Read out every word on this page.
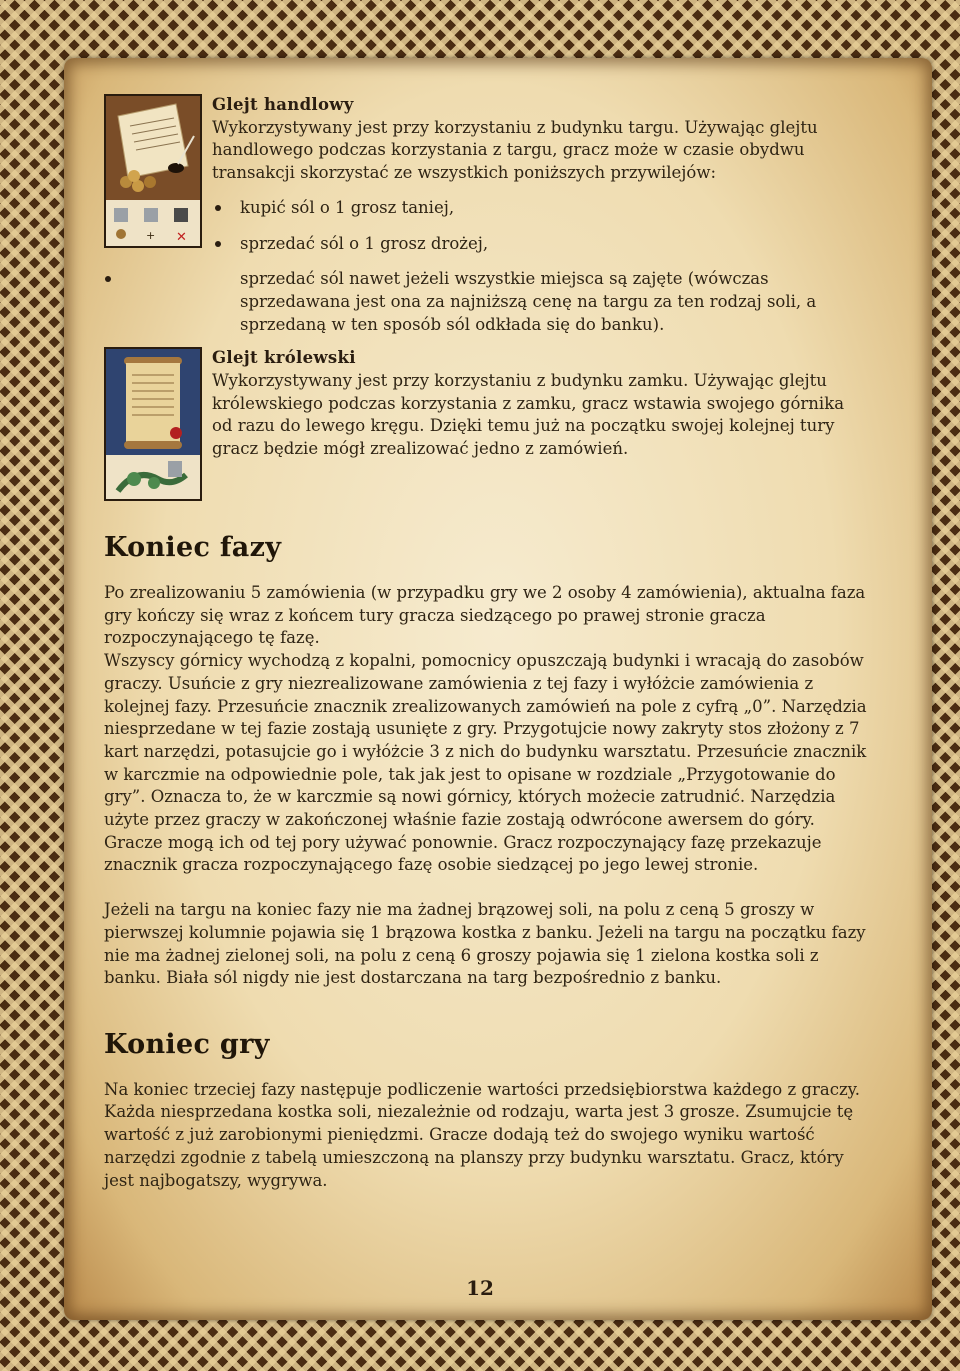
+ ✕
Glejt handlowy

Wykorzystywany jest przy korzystaniu z budynku targu. Używając glejtu handlowego podczas korzystania z targu, gracz może w czasie obydwu transakcji skorzystać ze wszystkich poniższych przywilejów:

kupić sól o 1 grosz taniej,
sprzedać sól o 1 grosz drożej,
sprzedać sól nawet jeżeli wszystkie miejsca są zajęte (wówczas sprzedawana jest ona za najniższą cenę na targu za ten rodzaj soli, a sprzedaną w ten sposób sól odkłada się do banku).
Glejt królewski

Wykorzystywany jest przy korzystaniu z budynku zamku. Używając glejtu królewskiego podczas korzystania z zamku, gracz wstawia swojego górnika od razu do lewego kręgu. Dzięki temu już na początku swojej kolejnej tury gracz będzie mógł zrealizować jedno z zamówień.

Koniec fazy

Po zrealizowaniu 5 zamówienia (w przypadku gry we 2 osoby 4 zamówienia), aktualna faza gry kończy się wraz z końcem tury gracza siedzącego po prawej stronie gracza rozpoczynającego tę fazę.

Wszyscy górnicy wychodzą z kopalni, pomocnicy opuszczają budynki i wracają do zasobów graczy. Usuńcie z gry niezrealizowane zamówienia z tej fazy i wyłóżcie zamówienia z kolejnej fazy. Przesuńcie znacznik zrealizowanych zamówień na pole z cyfrą „0”. Narzędzia niesprzedane w tej fazie zostają usunięte z gry. Przygotujcie nowy zakryty stos złożony z 7 kart narzędzi, potasujcie go i wyłóżcie 3 z nich do budynku warsztatu. Przesuńcie znacznik w karczmie na odpowiednie pole, tak jak jest to opisane w rozdziale „Przygotowanie do gry”. Oznacza to, że w karczmie są nowi górnicy, których możecie zatrudnić. Narzędzia użyte przez graczy w zakończonej właśnie fazie zostają odwrócone awersem do góry. Gracze mogą ich od tej pory używać ponownie. Gracz rozpoczynający fazę przekazuje znacznik gracza rozpoczynającego fazę osobie siedzącej po jego lewej stronie.

Jeżeli na targu na koniec fazy nie ma żadnej brązowej soli, na polu z ceną 5 groszy w pierwszej kolumnie pojawia się 1 brązowa kostka z banku. Jeżeli na targu na początku fazy nie ma żadnej zielonej soli, na polu z ceną 6 groszy pojawia się 1 zielona kostka soli z banku. Biała sól nigdy nie jest dostarczana na targ bezpośrednio z banku.

Koniec gry

Na koniec trzeciej fazy następuje podliczenie wartości przedsiębiorstwa każdego z graczy. Każda niesprzedana kostka soli, niezależnie od rodzaju, warta jest 3 grosze. Zsumujcie tę wartość z już zarobionymi pieniędzmi. Gracze dodają też do swojego wyniku wartość narzędzi zgodnie z tabelą umieszczoną na planszy przy budynku warsztatu. Gracz, który jest najbogatszy, wygrywa.

12
